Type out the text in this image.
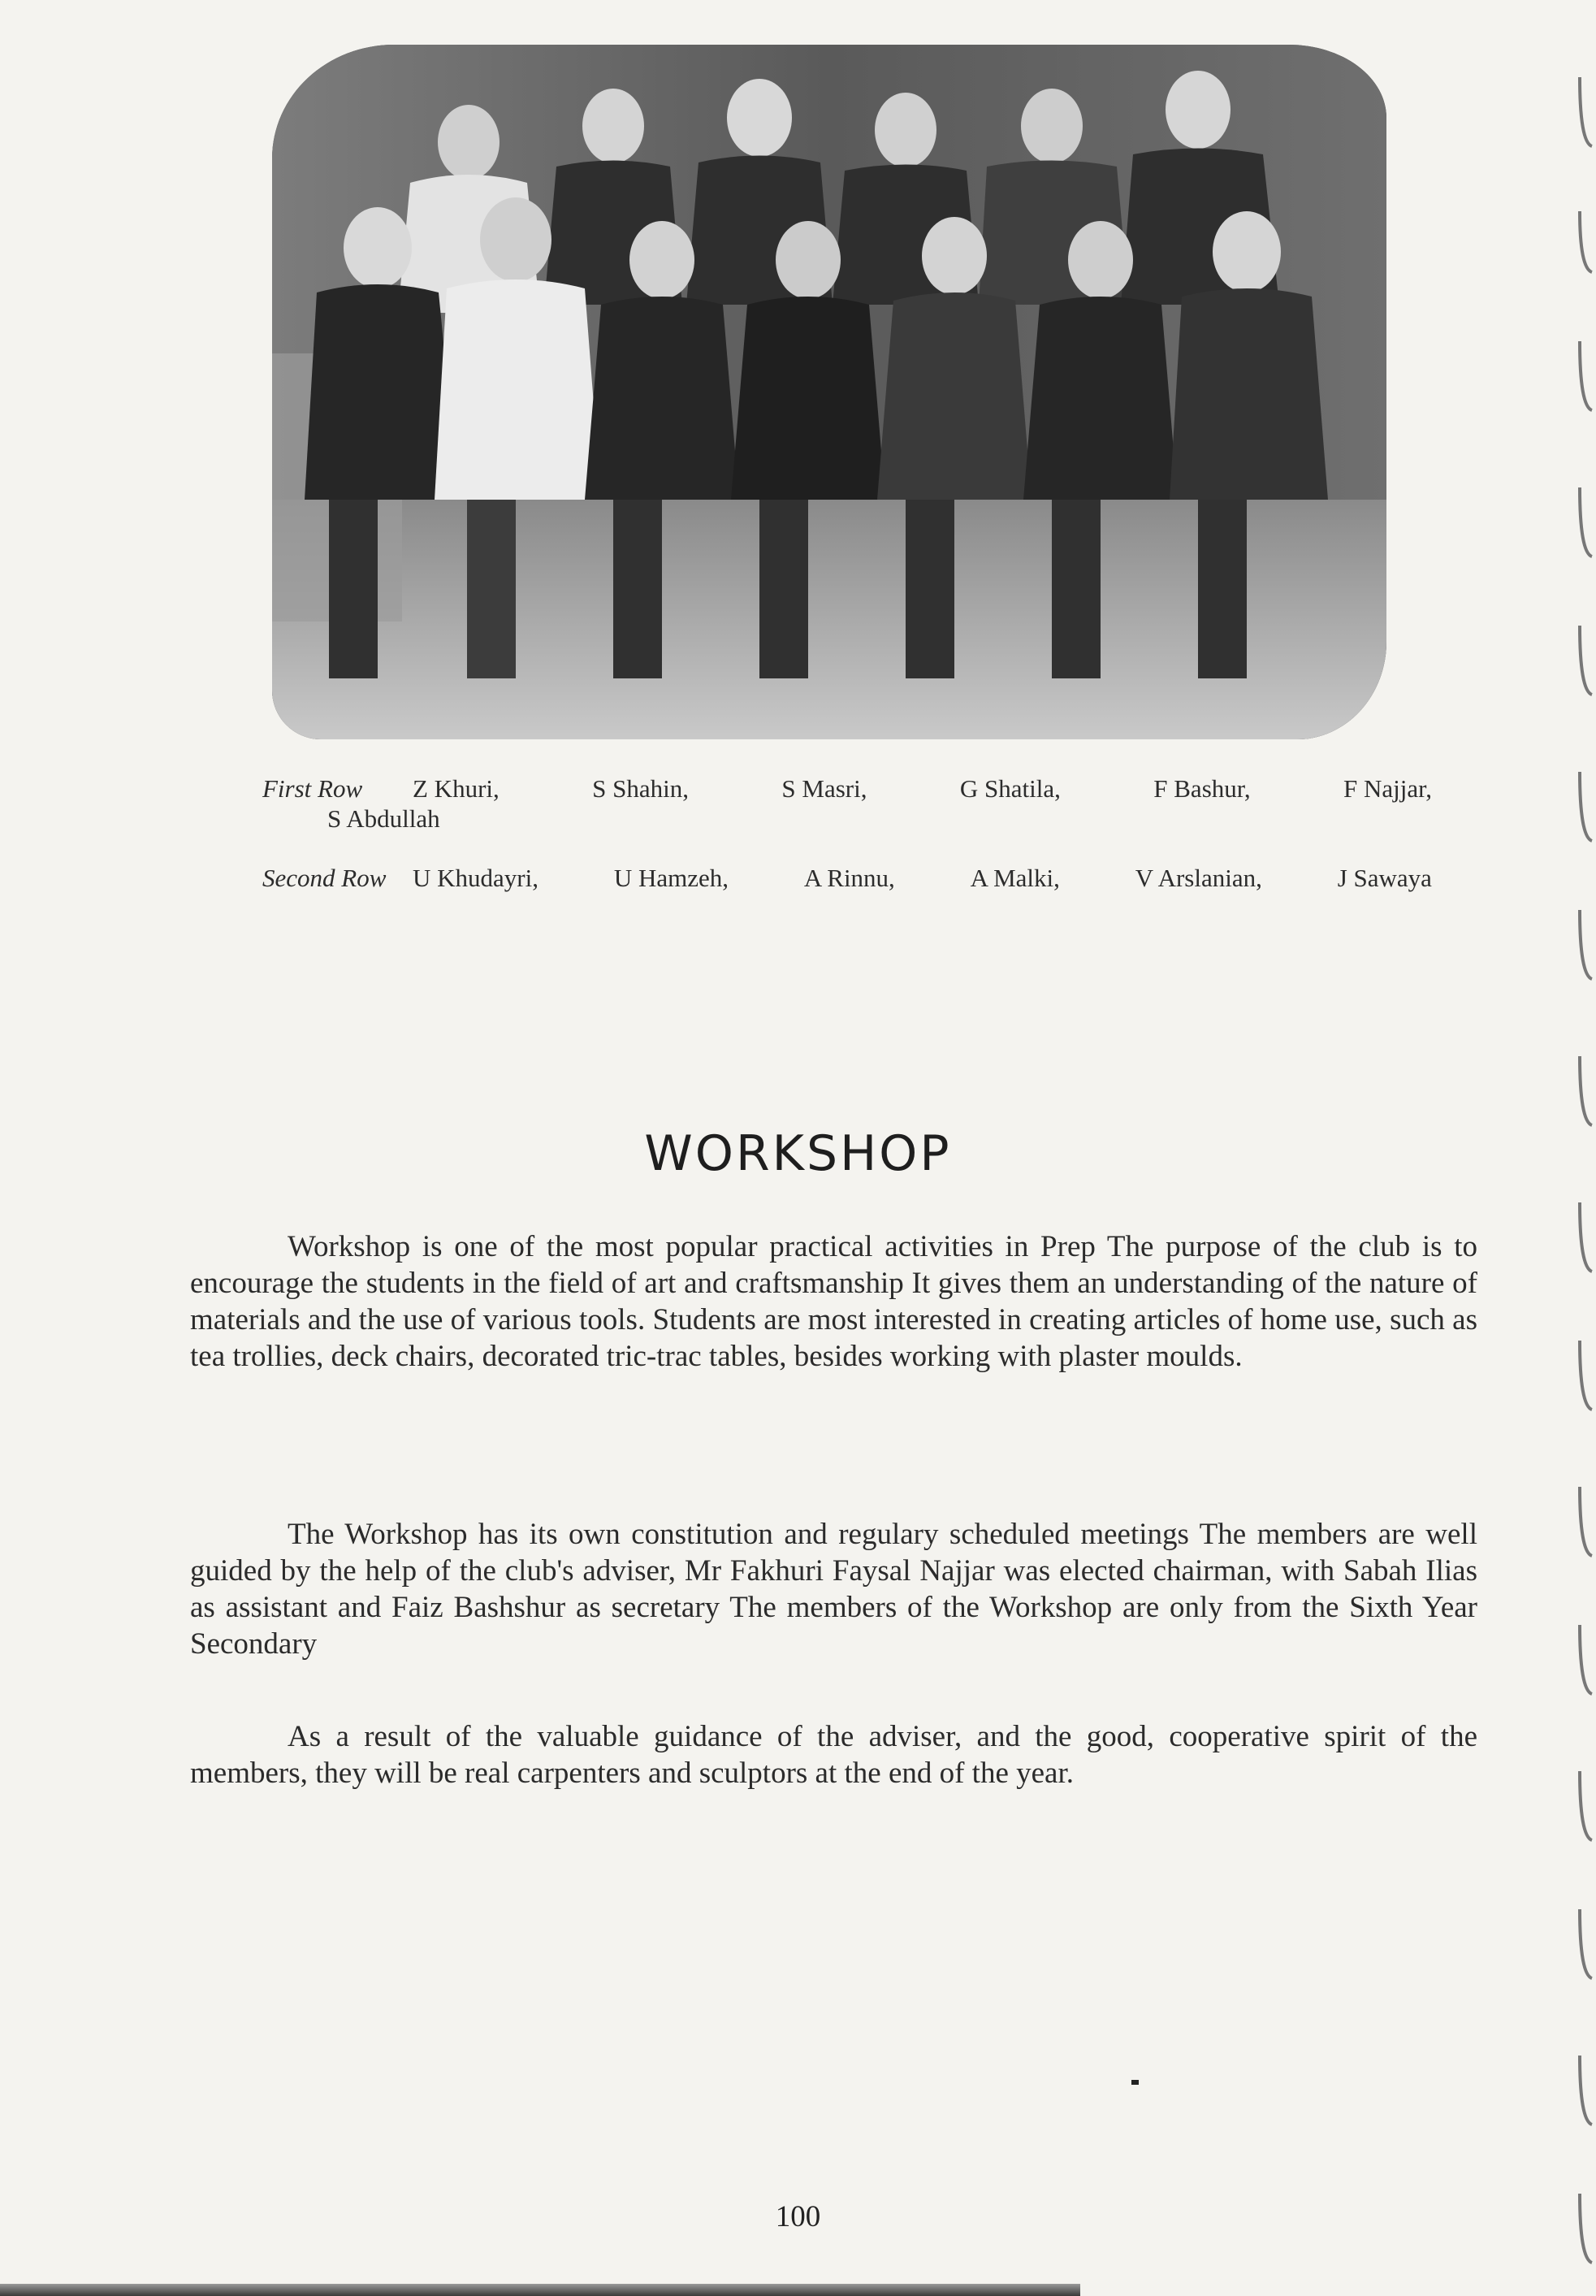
First Row	Z Khuri,	S Shahin,	S Masri,	G Shatila,	F Bashur,	F Najjar,
S Abdullah
Second Row	U Khudayri,	U Hamzeh,	A Rinnu,	A Malki,	V Arslanian,	J Sawaya
WORKSHOP

Workshop is one of the most popular practical activities in Prep The purpose of the club is to encourage the students in the field of art and craftsmanship It gives them an understanding of the nature of materials and the use of various tools. Students are most interested in creating articles of home use, such as tea trollies, deck chairs, decorated tric-trac tables, besides working with plaster moulds.

The Workshop has its own constitution and regulary scheduled meetings The members are well guided by the help of the club's adviser, Mr Fakhuri Faysal Najjar was elected chairman, with Sabah Ilias as assistant and Faiz Bashshur as secretary The members of the Workshop are only from the Sixth Year Secondary

As a result of the valuable guidance of the adviser, and the good, cooperative spirit of the members, they will be real carpenters and sculptors at the end of the year.

100
